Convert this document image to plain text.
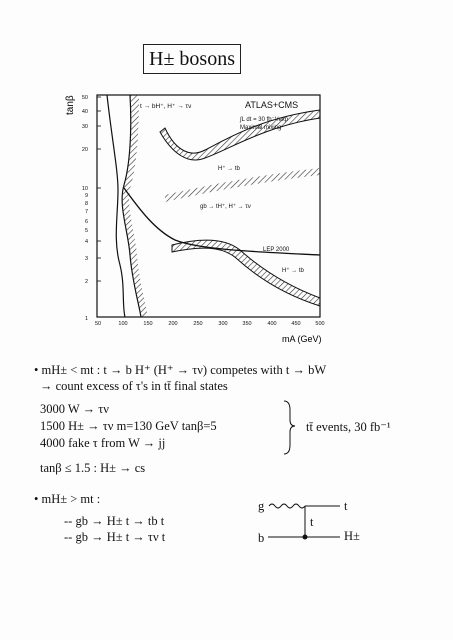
H± bosons
50
40
30
20
10
9
8
7
6
5
4
3
2
1
tanβ
50	100	150	200	250	300	350	400	450	500
mA (GeV)
t → bH⁺, H⁺ → τν	ATLAS+CMS
∫L dt = 30 fb⁻¹/exp
Maximal mixing
H⁺ → tb
gb → tH⁺, H⁺ → τν
LEP 2000
H⁺ → tb
• mH± < mt : t → b H⁺ (H⁺ → τν) competes with t → bW
→ count excess of τ's in tt̄ final states
3000 W → τν
1500 H± → τν m=130 GeV tanβ=5
4000 fake τ from W → jj
tt̄ events, 30 fb⁻¹
tanβ ≤ 1.5 : H± → cs
• mH± > mt :
-- gb → H± t → tb t
-- gb → H± t → τν t
g
b
t
t
H±
